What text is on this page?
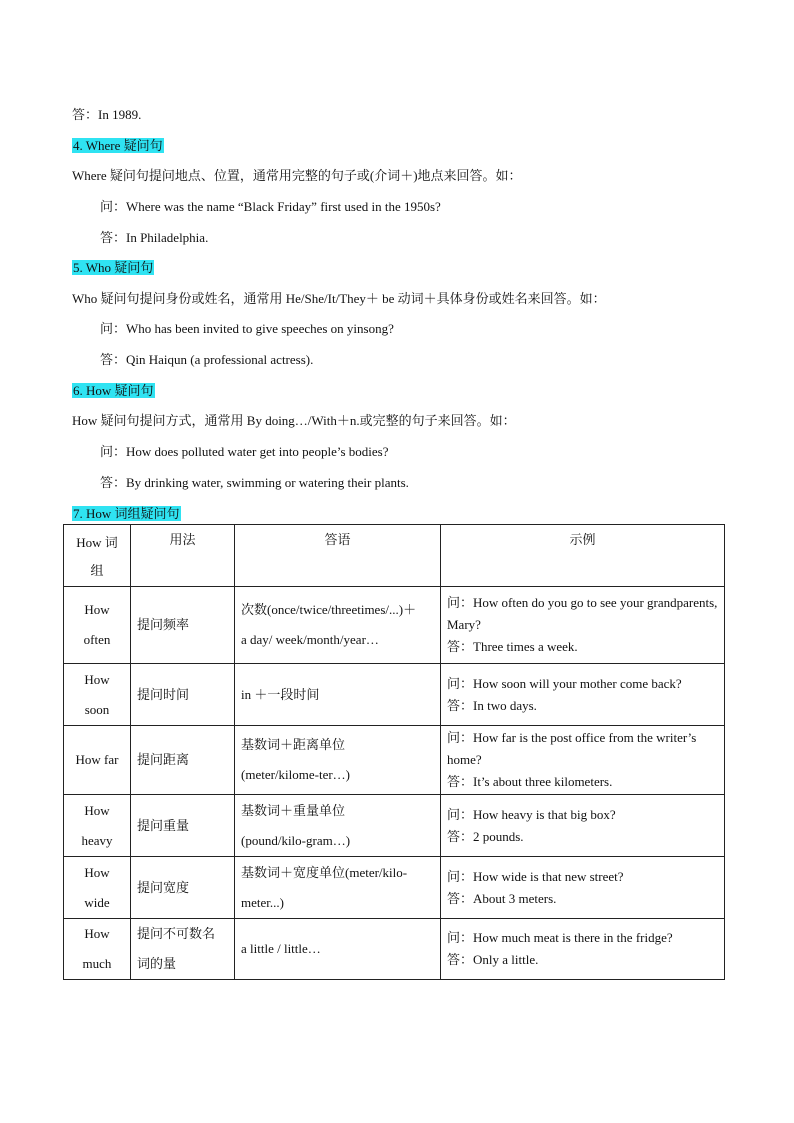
答：In 1989.
4. Where 疑问句
Where 疑问句提问地点、位置，通常用完整的句子或(介词＋)地点来回答。如：
问：Where was the name “Black Friday” first used in the 1950s?
答：In Philadelphia.
5. Who 疑问句
Who 疑问句提问身份或姓名，通常用 He/She/It/They＋ be 动词＋具体身份或姓名来回答。如：
问：Who has been invited to give speeches on yinsong?
答：Qin Haiqun (a professional actress).
6. How 疑问句
How 疑问句提问方式，通常用 By doing…/With＋n.或完整的句子来回答。如：
问：How does polluted water get into people’s bodies?
答：By drinking water, swimming or watering their plants.
7. How 词组疑问句
How 词
组	用法	答语	示例

How
often	提问频率	次数(once/twice/threetimes/...)＋
a day/ week/month/year…	问：How often do you go to see your grandparents, Mary?
答：Three times a week.

How
soon	提问时间	in ＋一段时间	问：How soon will your mother come back?
答：In two days.

How far	提问距离	基数词＋距离单位
(meter/kilome-ter…)	问：How far is the post office from the writer’s home?
答：It’s about three kilometers.

How
heavy	提问重量	基数词＋重量单位
(pound/kilo-gram…)	问：How heavy is that big box?
答：2 pounds.

How
wide	提问宽度	基数词＋宽度单位(meter/kilo-
meter...)	问：How wide is that new street?
答：About 3 meters.

How
much	提问不可数名
词的量	a little / little…	问：How much meat is there in the fridge?
答：Only a little.
